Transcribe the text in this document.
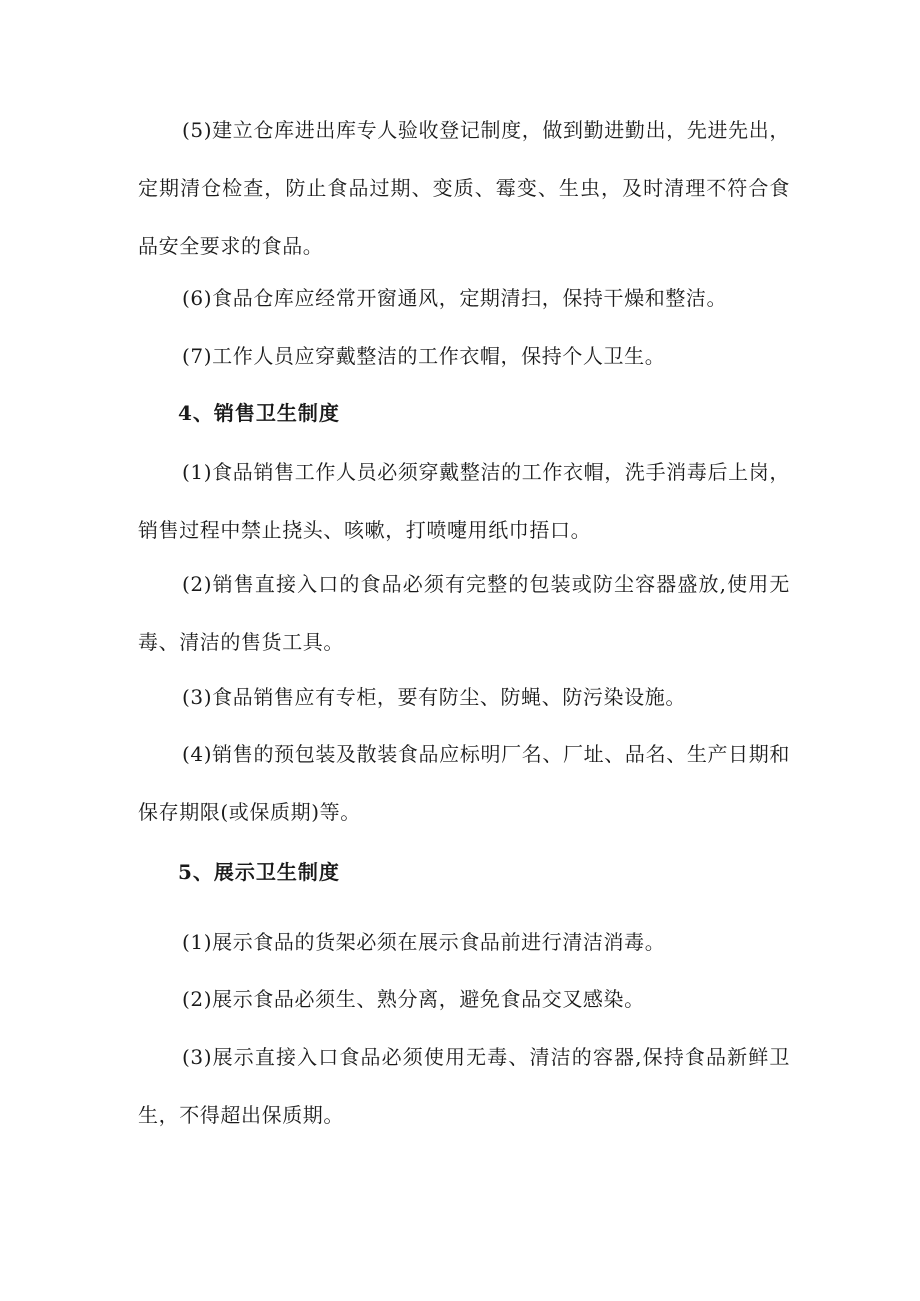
(5)建立仓库进出库专人验收登记制度，做到勤进勤出，先进先出，定期清仓检查，防止食品过期、变质、霉变、生虫，及时清理不符合食品安全要求的食品。

(6)食品仓库应经常开窗通风，定期清扫，保持干燥和整洁。

(7)工作人员应穿戴整洁的工作衣帽，保持个人卫生。

4、销售卫生制度

(1)食品销售工作人员必须穿戴整洁的工作衣帽，洗手消毒后上岗，销售过程中禁止挠头、咳嗽，打喷嚏用纸巾捂口。

(2)销售直接入口的食品必须有完整的包装或防尘容器盛放,使用无毒、清洁的售货工具。

(3)食品销售应有专柜，要有防尘、防蝇、防污染设施。

(4)销售的预包装及散装食品应标明厂名、厂址、品名、生产日期和保存期限(或保质期)等。

5、展示卫生制度

(1)展示食品的货架必须在展示食品前进行清洁消毒。

(2)展示食品必须生、熟分离，避免食品交叉感染。

(3)展示直接入口食品必须使用无毒、清洁的容器,保持食品新鲜卫生，不得超出保质期。
